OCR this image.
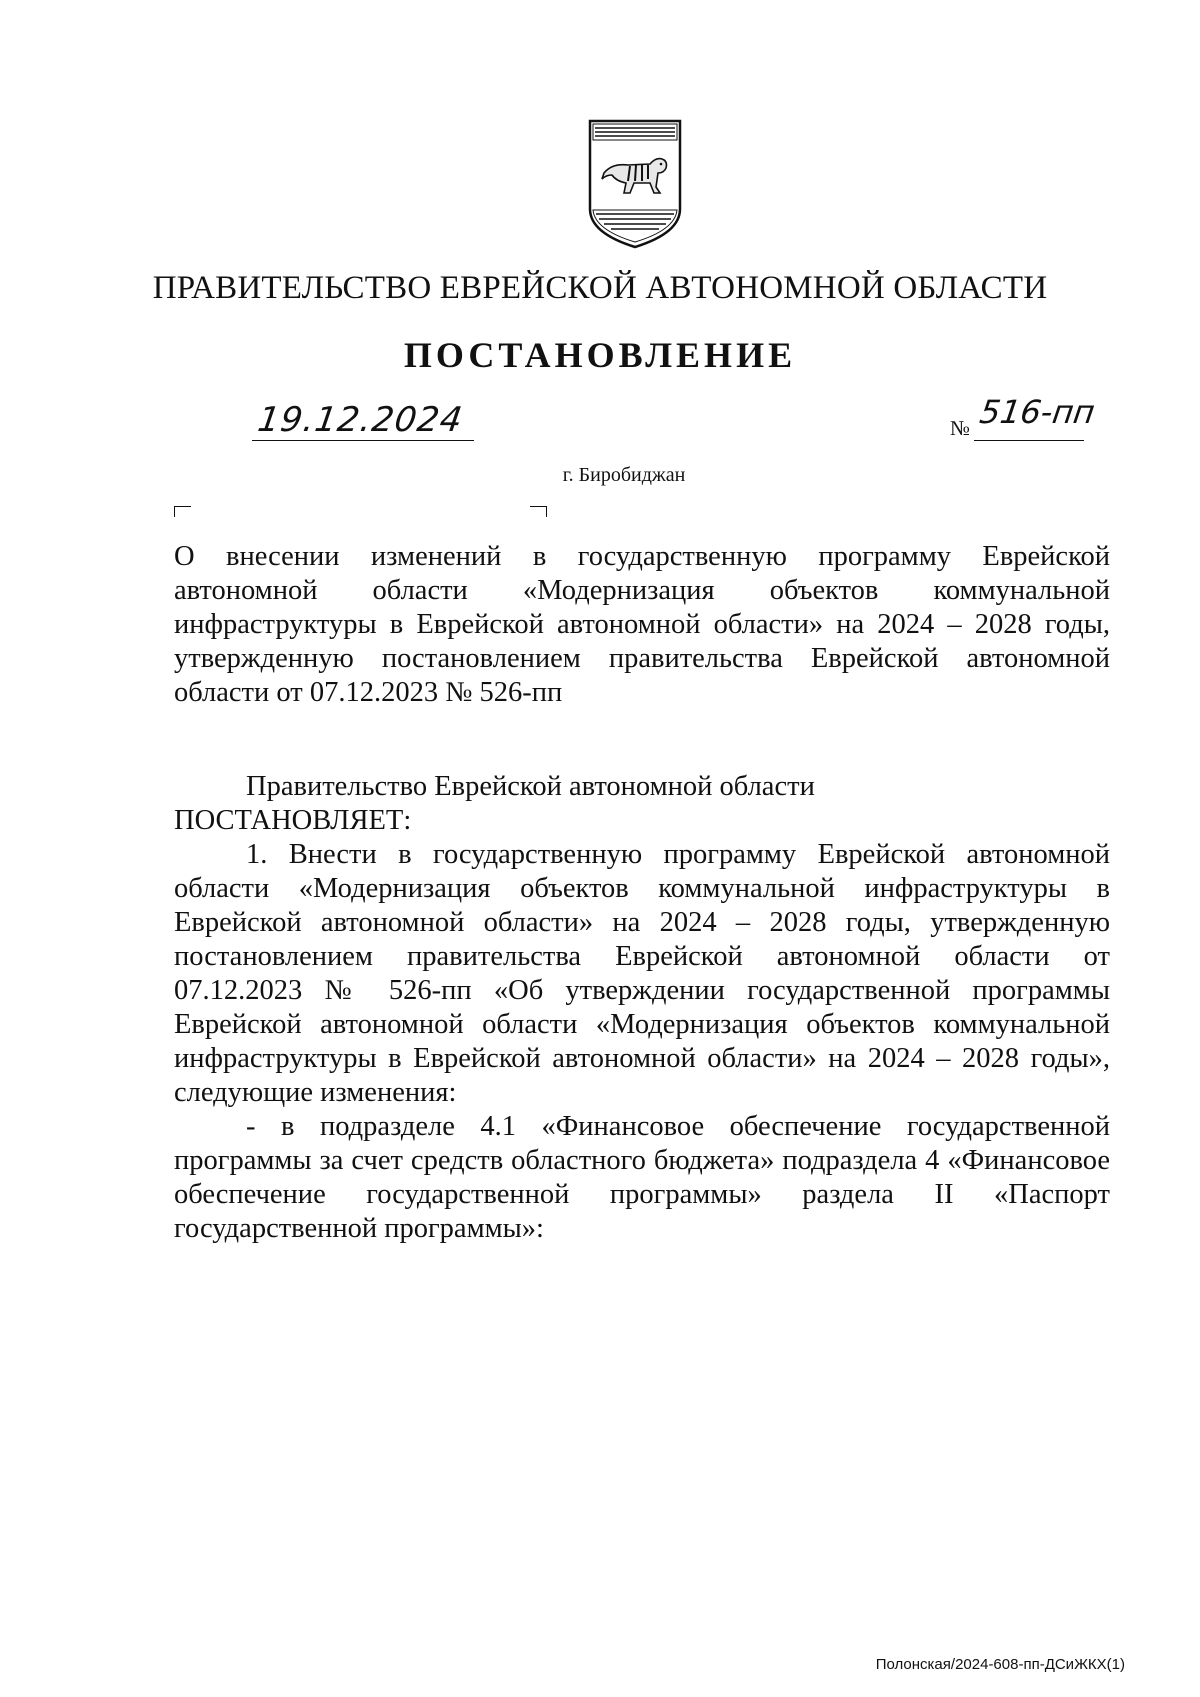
ПРАВИТЕЛЬСТВО ЕВРЕЙСКОЙ АВТОНОМНОЙ ОБЛАСТИ
ПОСТАНОВЛЕНИЕ
19.12.2024	№ 516-пп
г. Биробиджан
О внесении изменений в государственную программу Еврейской автономной области «Модернизация объектов коммунальной инфраструктуры в Еврейской автономной области» на 2024 – 2028 годы, утвержденную постановлением правительства Еврейской автономной области от 07.12.2023 № 526-пп

Правительство Еврейской автономной области

ПОСТАНОВЛЯЕТ:

1. Внести в государственную программу Еврейской автономной области «Модернизация объектов коммунальной инфраструктуры в Еврейской автономной области» на 2024 – 2028 годы, утвержденную постановлением правительства Еврейской автономной области от 07.12.2023 № 526-пп «Об утверждении государственной программы Еврейской автономной области «Модернизация объектов коммунальной инфраструктуры в Еврейской автономной области» на 2024 – 2028 годы», следующие изменения:

- в подразделе 4.1 «Финансовое обеспечение государственной программы за счет средств областного бюджета» подраздела 4 «Финансовое обеспечение государственной программы» раздела II «Паспорт государственной программы»:

Полонская/2024-608-пп-ДСиЖКХ(1)
